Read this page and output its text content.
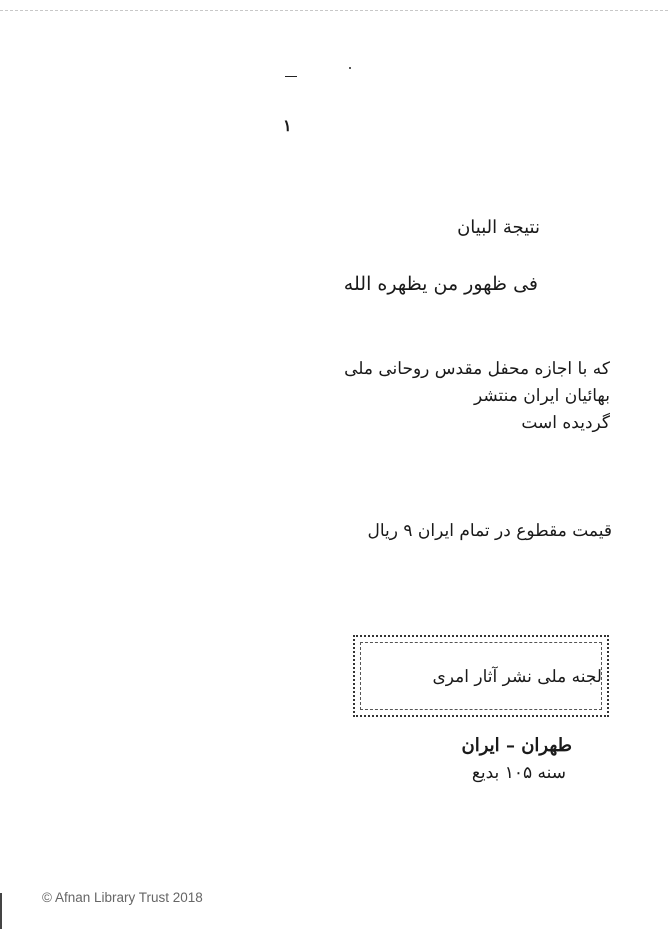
١
نتیجة البیان
فی ظهور من یظهره الله
که با اجازه محفل مقدس روحانی ملی
بهائیان ایران منتشر
گردیده است
قیمت مقطوع در تمام ایران ۹ ریال
لجنه ملی نشر آثار امری
طهران – ایران
سنه ۱۰۵ بدیع
© Afnan Library Trust 2018
